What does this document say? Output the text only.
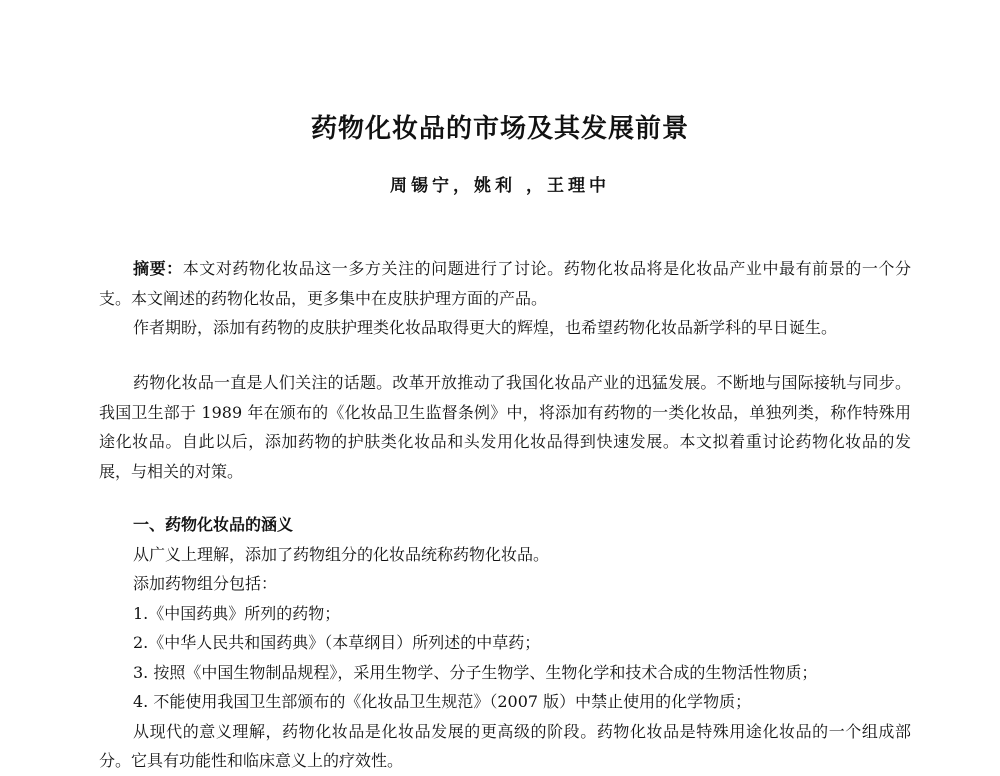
药物化妆品的市场及其发展前景
周锡宁，姚利 ，王理中

摘要：本文对药物化妆品这一多方关注的问题进行了讨论。药物化妆品将是化妆品产业中最有前景的一个分支。本文阐述的药物化妆品，更多集中在皮肤护理方面的产品。

作者期盼，添加有药物的皮肤护理类化妆品取得更大的辉煌，也希望药物化妆品新学科的早日诞生。

药物化妆品一直是人们关注的话题。改革开放推动了我国化妆品产业的迅猛发展。不断地与国际接轨与同步。我国卫生部于 1989 年在颁布的《化妆品卫生监督条例》中，将添加有药物的一类化妆品，单独列类，称作特殊用途化妆品。自此以后，添加药物的护肤类化妆品和头发用化妆品得到快速发展。本文拟着重讨论药物化妆品的发展，与相关的对策。

一、药物化妆品的涵义

从广义上理解，添加了药物组分的化妆品统称药物化妆品。

添加药物组分包括：

1.《中国药典》所列的药物；

2.《中华人民共和国药典》（本草纲目）所列述的中草药；

3. 按照《中国生物制品规程》，采用生物学、分子生物学、生物化学和技术合成的生物活性物质；

4. 不能使用我国卫生部颁布的《化妆品卫生规范》（2007 版）中禁止使用的化学物质；

从现代的意义理解，药物化妆品是化妆品发展的更高级的阶段。药物化妆品是特殊用途化妆品的一个组成部分。它具有功能性和临床意义上的疗效性。
